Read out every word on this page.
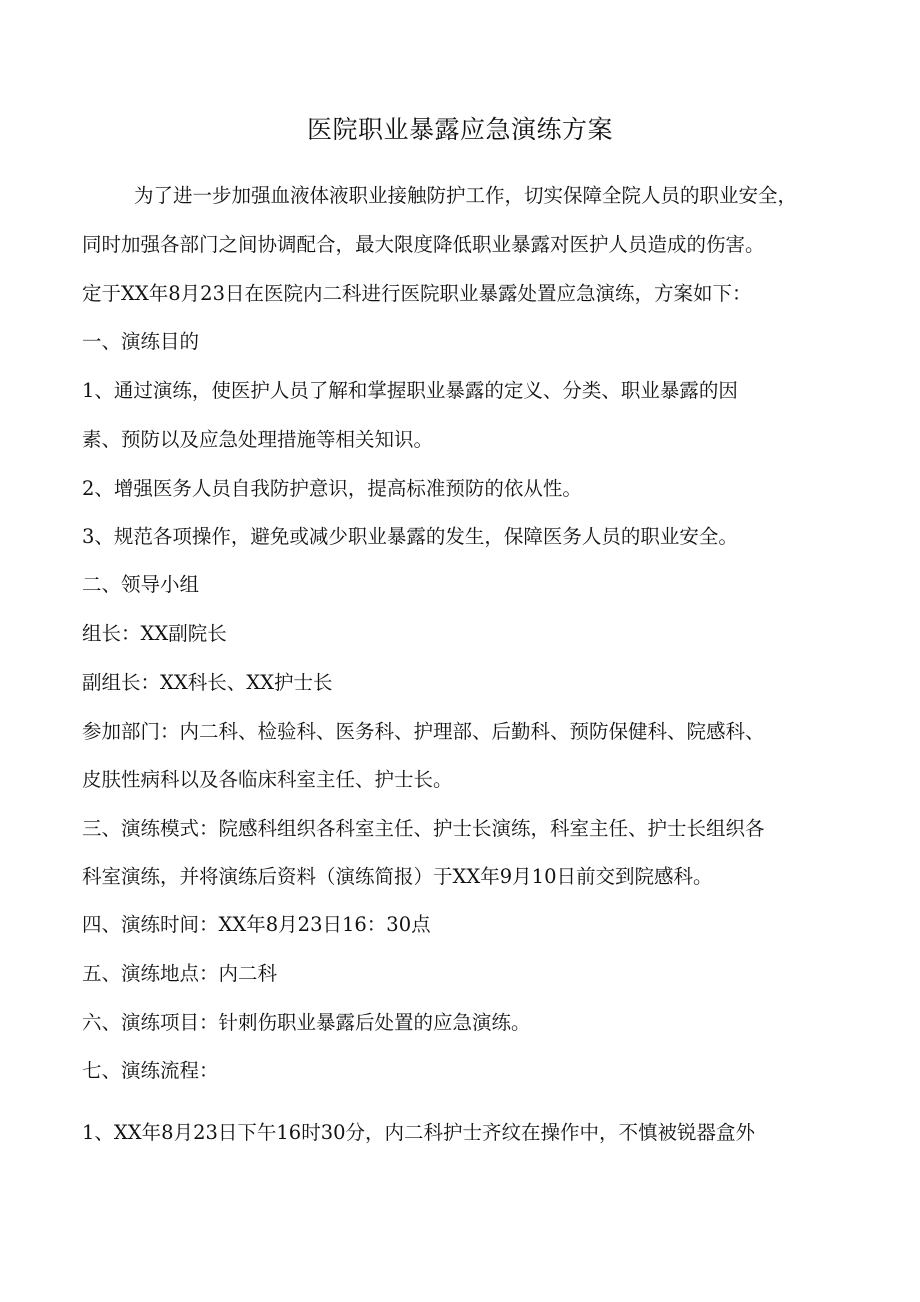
医院职业暴露应急演练方案
为了进一步加强血液体液职业接触防护工作，切实保障全院人员的职业安全，
同时加强各部门之间协调配合，最大限度降低职业暴露对医护人员造成的伤害。
定于XX年8月23日在医院内二科进行医院职业暴露处置应急演练，方案如下：
一、演练目的
1、通过演练，使医护人员了解和掌握职业暴露的定义、分类、职业暴露的因
素、预防以及应急处理措施等相关知识。
2、增强医务人员自我防护意识，提高标准预防的依从性。
3、规范各项操作，避免或减少职业暴露的发生，保障医务人员的职业安全。
二、领导小组
组长：XX副院长
副组长：XX科长、XX护士长
参加部门：内二科、检验科、医务科、护理部、后勤科、预防保健科、院感科、
皮肤性病科以及各临床科室主任、护士长。
三、演练模式：院感科组织各科室主任、护士长演练，科室主任、护士长组织各
科室演练，并将演练后资料（演练简报）于XX年9月10日前交到院感科。
四、演练时间：XX年8月23日16：30点
五、演练地点：内二科
六、演练项目：针刺伤职业暴露后处置的应急演练。
七、演练流程：
1、XX年8月23日下午16时30分，内二科护士齐纹在操作中，不慎被锐器盒外
